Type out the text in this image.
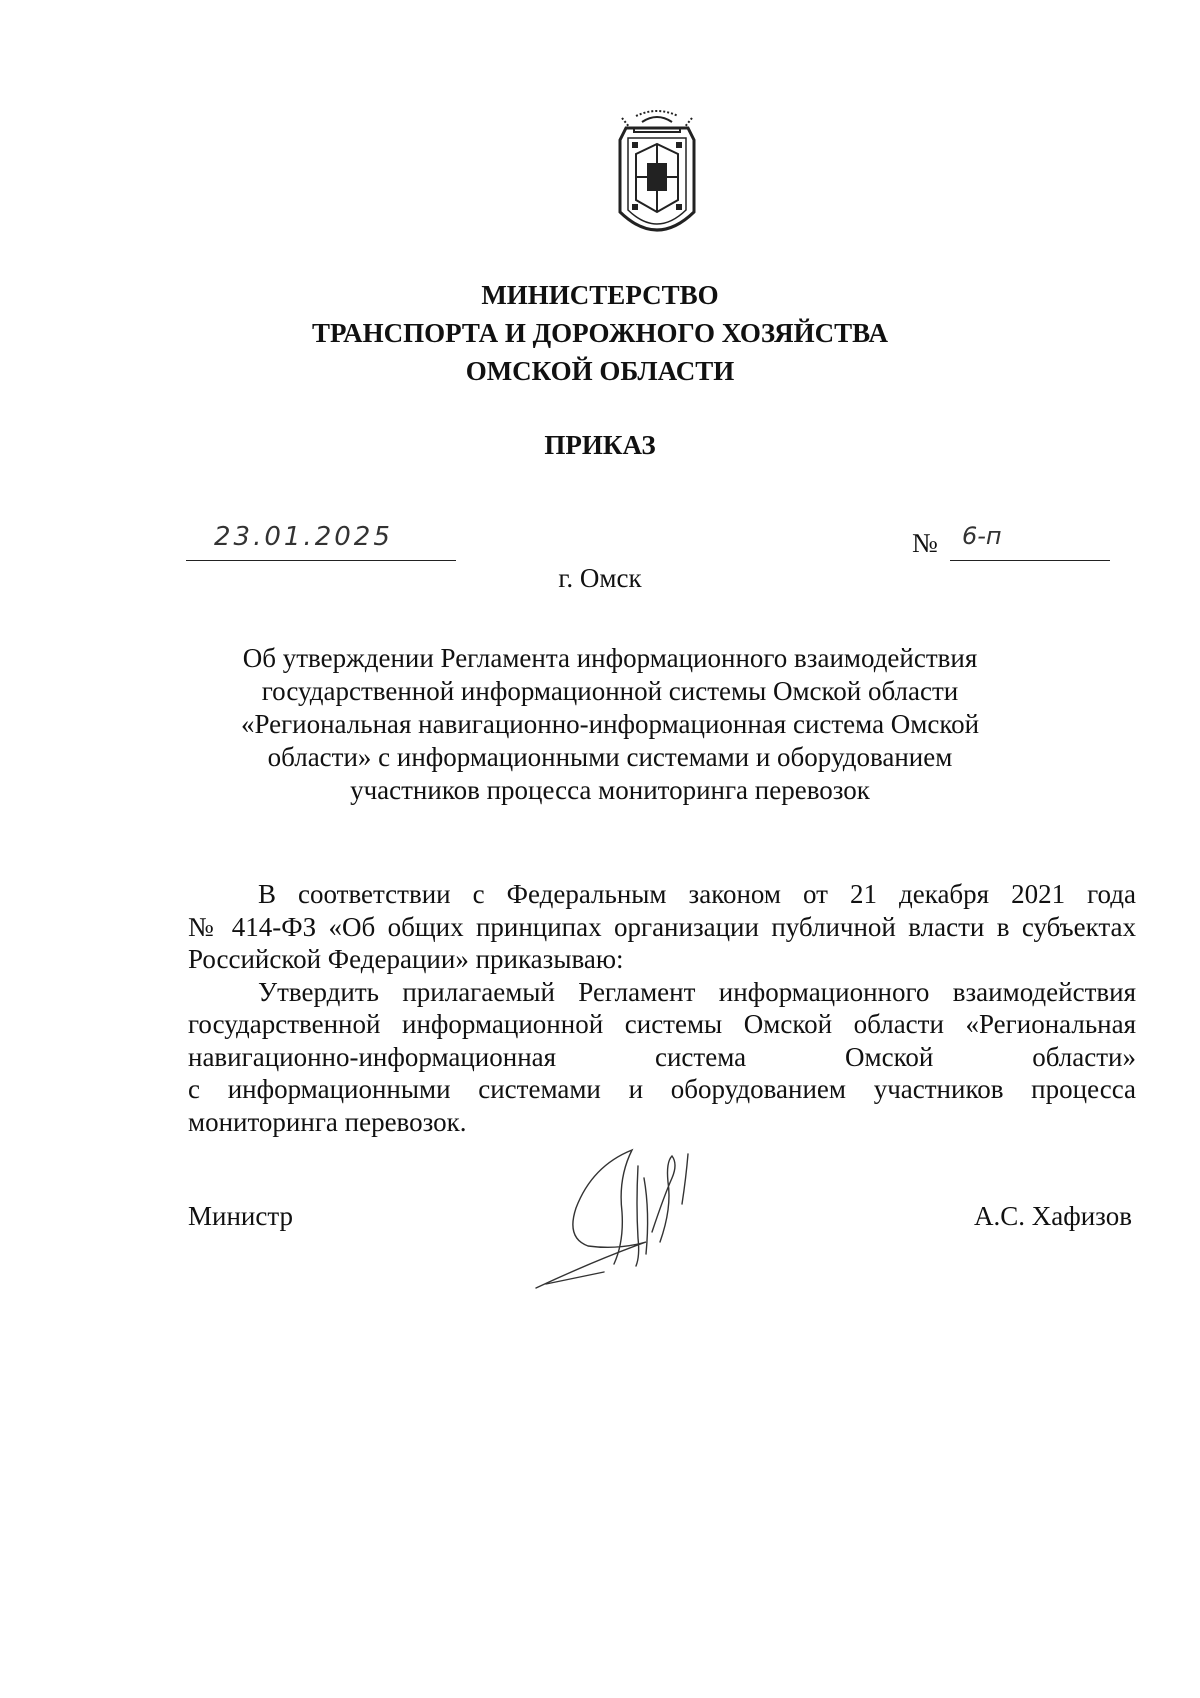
МИНИСТЕРСТВО
ТРАНСПОРТА И ДОРОЖНОГО ХОЗЯЙСТВА
ОМСКОЙ ОБЛАСТИ
ПРИКАЗ
23.01.2025	№ 6-п
г. Омск
Об утверждении Регламента информационного взаимодействия
государственной информационной системы Омской области
«Региональная навигационно-информационная система Омской
области» с информационными системами и оборудованием
участников процесса мониторинга перевозок
В соответствии с Федеральным законом от 21 декабря 2021 года
№ 414-ФЗ «Об общих принципах организации публичной власти в субъектах
Российской Федерации» приказываю:
Утвердить прилагаемый Регламент информационного взаимодействия
государственной информационной системы Омской области «Региональная
навигационно-информационная система Омской области»
с информационными системами и оборудованием участников процесса
мониторинга перевозок.
Министр	А.С. Хафизов
